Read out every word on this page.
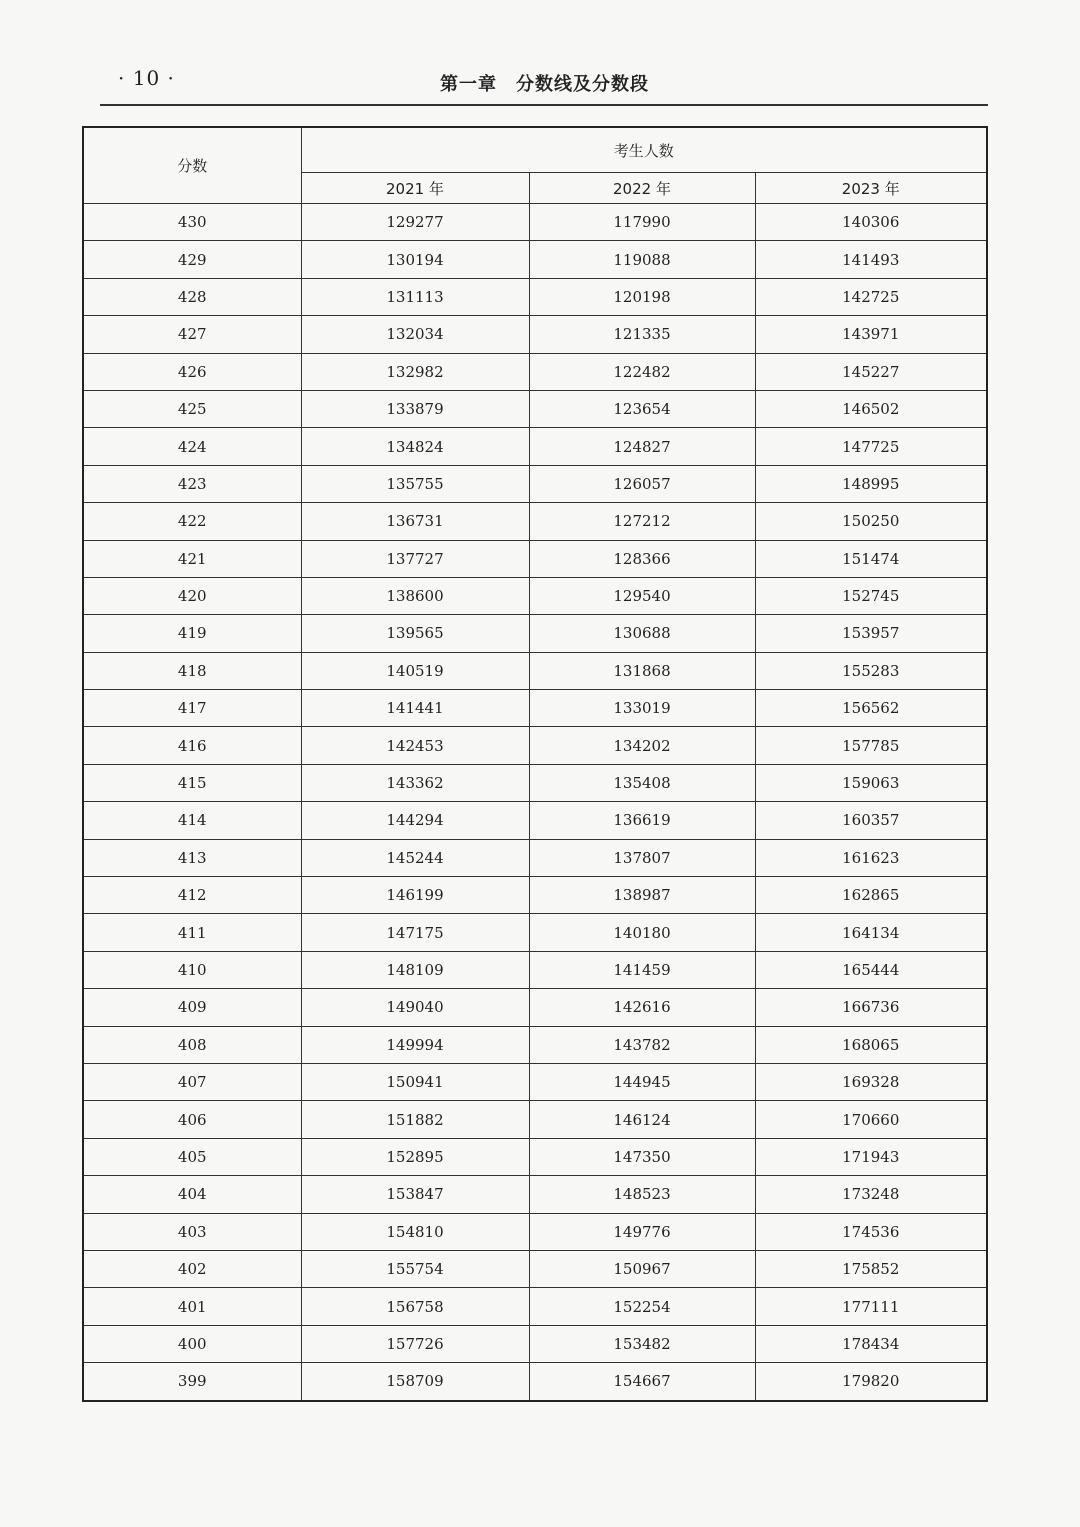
· 10 ·	第一章　分数线及分数段
分数	考生人数		
	2021 年	2022 年	2023 年
430	129277	117990	140306
429	130194	119088	141493
428	131113	120198	142725
427	132034	121335	143971
426	132982	122482	145227
425	133879	123654	146502
424	134824	124827	147725
423	135755	126057	148995
422	136731	127212	150250
421	137727	128366	151474
420	138600	129540	152745
419	139565	130688	153957
418	140519	131868	155283
417	141441	133019	156562
416	142453	134202	157785
415	143362	135408	159063
414	144294	136619	160357
413	145244	137807	161623
412	146199	138987	162865
411	147175	140180	164134
410	148109	141459	165444
409	149040	142616	166736
408	149994	143782	168065
407	150941	144945	169328
406	151882	146124	170660
405	152895	147350	171943
404	153847	148523	173248
403	154810	149776	174536
402	155754	150967	175852
401	156758	152254	177111
400	157726	153482	178434
399	158709	154667	179820
